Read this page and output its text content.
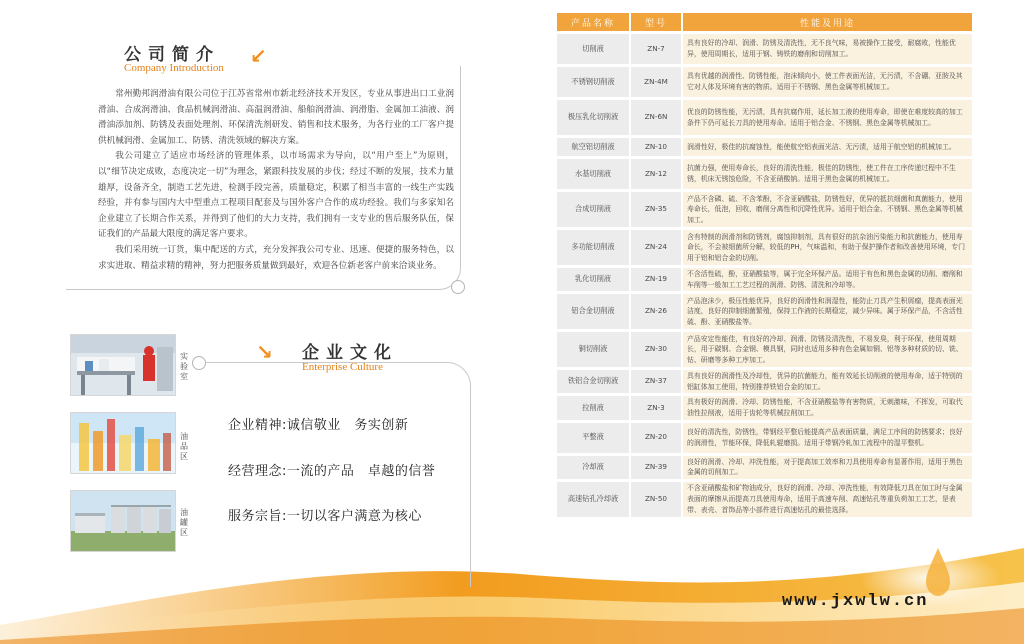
公司简介
Company Introduction ↙

常州勤邦润滑油有限公司位于江苏省常州市新北经济技术开发区，专业从事进出口工业润滑油、合成润滑油、食品机械润滑油、高温润滑油、船舶润滑油、润滑脂、金属加工油液、润滑油添加剂、防锈及表面处理剂、环保清洗剂研发、销售和技术服务，为各行业的工厂客户提供机械润滑、金属加工、防锈、清洗领域的解决方案。

我公司建立了适应市场经济的管理体系，以市场需求为导向，以“用户至上”为原则，以“细节决定成败，态度决定一切”为理念，紧跟科技发展的步伐；经过不断的发展，技术力量雄厚，设备齐全，制造工艺先进，检测手段完善，质量稳定，积累了相当丰富的一线生产实践经验，并有参与国内大中型重点工程项目配套及与国外客户合作的成功经验。我们与多家知名企业建立了长期合作关系，并得到了他们的大力支持，我们拥有一支专业的售后服务队伍，保证我们的产品最大限度的满足客户要求。

我们采用统一订货，集中配送的方式，充分发挥我公司专业、迅速、便捷的服务特色，以求实进取、精益求精的精神，努力把服务质量做到最好，欢迎各位新老客户前来洽谈业务。

↘ 企业文化
Enterprise Culture
实验室
油品区
油罐区
企业精神:诚信敬业　务实创新
经营理念:一流的产品　卓越的信誉
服务宗旨:一切以客户满意为核心
产品名称	型号	性能及用途
切削液	ZN-7	具有良好的冷却、润滑、防锈及清洗性，无不良气味，易被操作工接受，耐腐败，性能优异，使用周期长，适用于钢、铸铁的磨削和切削加工。
不锈钢切削液	ZN-4M	具有优越的润滑性、防锈性能，泡沫倾向小，使工件表面光洁，无污渍，不含硼、亚胺及其它对人体及环境有害的物质。适用于不锈钢、黑色金属等机械加工。
极压乳化切削液	ZN-6N	优良的防锈性能，无污渍，具有抗腐作用，延长加工液的使用寿命，即使在难度较高的加工条件下仍可延长刀具的使用寿命。适用于铝合金、不锈钢、黑色金属等机械加工。
航空铝切削液	ZN-10	润滑性好，极佳的抗腐蚀性，能使航空铝表面光洁、无污渍，适用于航空铝的机械加工。
水基切削液	ZN-12	抗菌力强，使用寿命长，良好的清洗性能，极佳的防锈性，使工件在工序传递过程中不生锈，机床无锈蚀危险，不含亚硝酸钠。适用于黑色金属的机械加工。
合成切削液	ZN-35	产品不含磷、硫、不含苯酚，不含亚硝酸盐，防锈性好，优异的抵抗细菌和真菌能力，使用寿命长，低泡，回收，磨削分离性和沉降性优异。适用于铝合金、不锈钢、黑色金属等机械加工。
多功能切削液	ZN-24	含有特制的润滑剂和防锈剂，腐蚀抑制剂，具有很好的抗杂油污染能力和抗菌能力，使用寿命长，不会被细菌所分解，较低的PH，气味温和，有助于保护操作者和改善使用环境，专门用于铝和铝合金的切削。
乳化切削液	ZN-19	不含活性硫，酚，亚硝酸盐等，属于完全环保产品。适用于有色和黑色金属的切削、磨削和车削等一般加工工艺过程的润滑、防锈、清洗和冷却等。
铝合金切削液	ZN-26	产品泡沫少，极压性能优异，良好的润滑性和润湿性，能防止刀具产生积屑瘤，提高表面光洁度，良好的抑制细菌繁殖，保持工作液的长期稳定，减少异味。属于环保产品，不含活性硫、酚、亚硝酸盐等。
铜切削液	ZN-30	产品安定性能佳，有良好的冷却、润滑、防锈及清洗性，不易发臭，利于环保，使用周期长，用于碳钢、合金钢、模具钢，同时也适用多种有色金属如铜、铝等多种材质的切、铣、钻、研磨等多种工序加工。
铁铝合金切削液	ZN-37	具有良好的润滑性及冷却性，优异的抗菌能力，能有效延长切削液的使用寿命，适于特别的铝缸体加工使用，特别推荐铁铝合金的加工。
拉削液	ZN-3	具有极好的润滑、冷却、防锈性能，不含亚硝酸盐等有害物质，无刺激味，不挥发，可取代油性拉削液，适用于齿轮等机械拉削加工。
平整液	ZN-20	良好的清洗性，防锈性，带钢经平整后能提高产品表面质量，满足工序间的防锈要求；良好的润滑性，节能环保，降低轧辊磨损。适用于带钢冷轧加工流程中的湿平整机。
冷却液	ZN-39	良好的润滑、冷却、冲洗性能，对于提高加工效率和刀具使用寿命有显著作用，适用于黑色金属的切削加工。
高速钻孔冷却液	ZN-50	不含亚硝酸盐和矿物油成分，良好的润滑、冷却、冲洗性能，有效降低刀具在加工时与金属表面的摩擦从而提高刀具使用寿命，适用于高速车削、高速钻孔等重负荷加工工艺，是表带、表壳、首饰品等小部件进行高速钻孔的最佳选择。
www.jxwlw.cn
